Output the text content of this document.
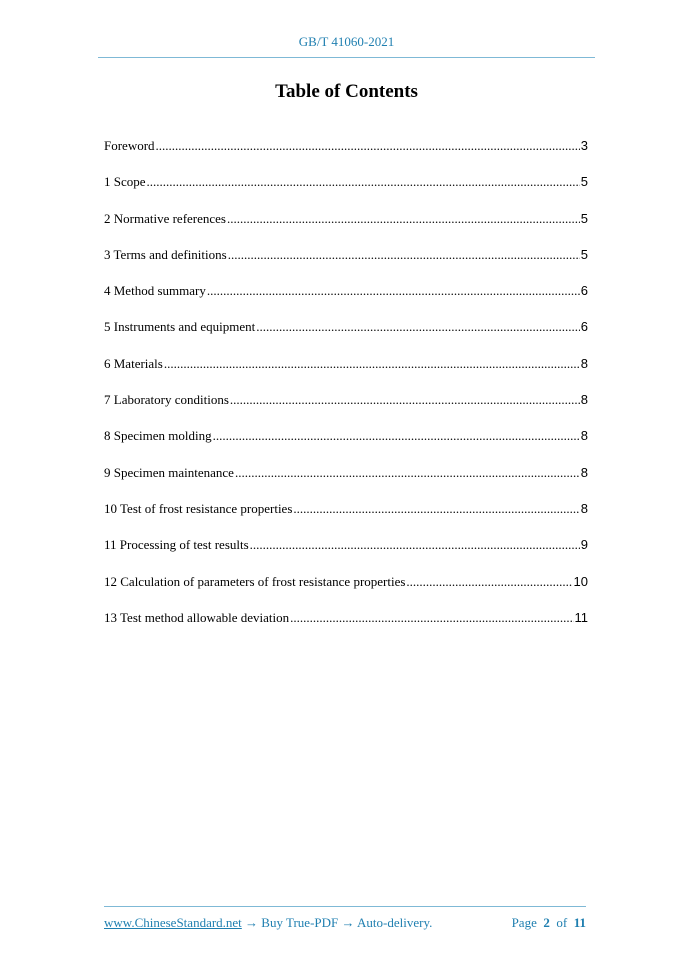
GB/T 41060-2021
Table of Contents
Foreword .....	3
1 Scope .....	5
2 Normative references .....	5
3 Terms and definitions .....	5
4 Method summary .....	6
5 Instruments and equipment .....	6
6 Materials .....	8
7 Laboratory conditions .....	8
8 Specimen molding .....	8
9 Specimen maintenance .....	8
10 Test of frost resistance properties .....	8
11 Processing of test results .....	9
12 Calculation of parameters of frost resistance properties .....	10
13 Test method allowable deviation .....	11
www.ChineseStandard.net → Buy True-PDF → Auto-delivery.	Page 2 of 11
